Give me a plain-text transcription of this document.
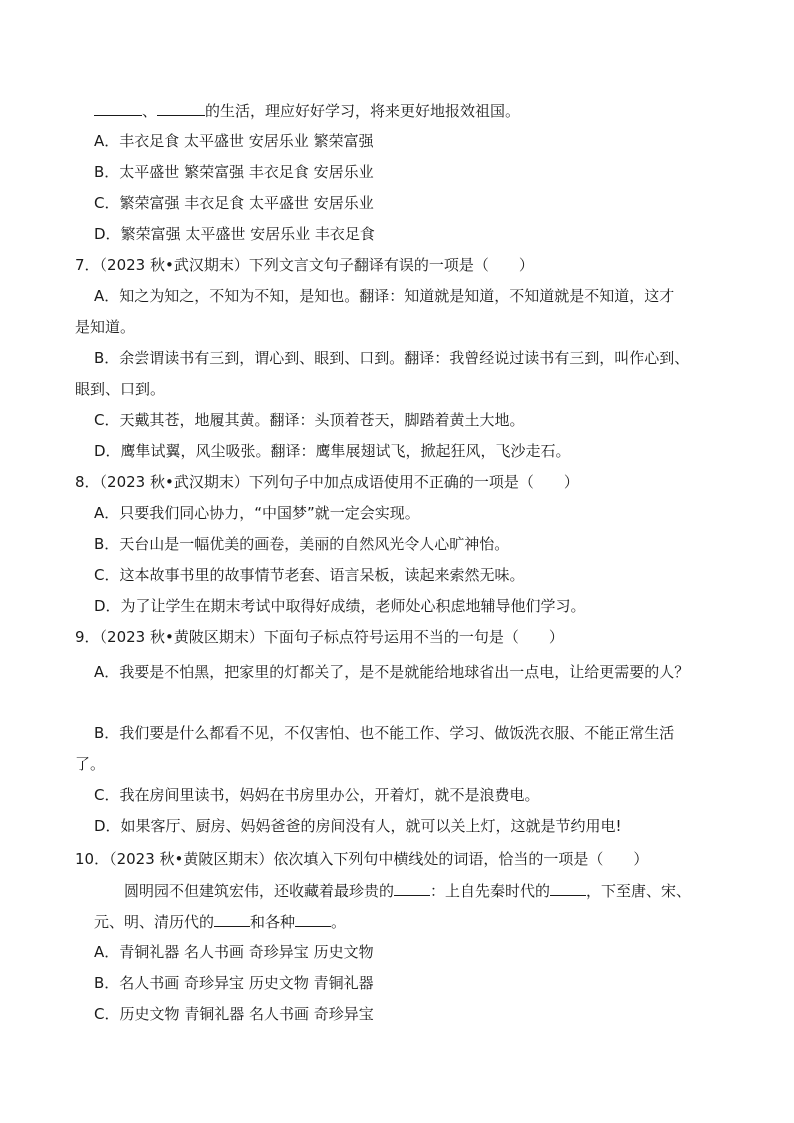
、	的生活，理应好好学习，将来更好地报效祖国。
A．丰衣足食 太平盛世 安居乐业 繁荣富强
B．太平盛世 繁荣富强 丰衣足食 安居乐业
C．繁荣富强 丰衣足食 太平盛世 安居乐业
D．繁荣富强 太平盛世 安居乐业 丰衣足食
7．（2023 秋•武汉期末）下列文言文句子翻译有误的一项是（　　）
A．知之为知之，不知为不知，是知也。翻译：知道就是知道，不知道就是不知道，这才
是知道。
B．余尝谓读书有三到，谓心到、眼到、口到。翻译：我曾经说过读书有三到，叫作心到、
眼到、口到。
C．天戴其苍，地履其黄。翻译：头顶着苍天，脚踏着黄土大地。
D．鹰隼试翼，风尘吸张。翻译：鹰隼展翅试飞，掀起狂风，飞沙走石。
8．（2023 秋•武汉期末）下列句子中加点成语使用不正确的一项是（　　）
A．只要我们同心协力，“中国梦”就一定会实现。
B．天台山是一幅优美的画卷，美丽的自然风光令人心旷神怡。
C．这本故事书里的故事情节老套、语言呆板，读起来索然无味。
D．为了让学生在期末考试中取得好成绩，老师处心积虑地辅导他们学习。
9．（2023 秋•黄陂区期末）下面句子标点符号运用不当的一句是（　　）
A．我要是不怕黑，把家里的灯都关了，是不是就能给地球省出一点电，让给更需要的人？
B．我们要是什么都看不见，不仅害怕、也不能工作、学习、做饭洗衣服、不能正常生活
了。
C．我在房间里读书，妈妈在书房里办公，开着灯，就不是浪费电。
D．如果客厅、厨房、妈妈爸爸的房间没有人，就可以关上灯，这就是节约用电!
10．（2023 秋•黄陂区期末）依次填入下列句中横线处的词语，恰当的一项是（　　）
圆明园不但建筑宏伟，还收藏着最珍贵的 ：上自先秦时代的 ，下至唐、宋、
元、明、清历代的 和各种 。
A．青铜礼器 名人书画 奇珍异宝 历史文物
B．名人书画 奇珍异宝 历史文物 青铜礼器
C．历史文物 青铜礼器 名人书画 奇珍异宝
